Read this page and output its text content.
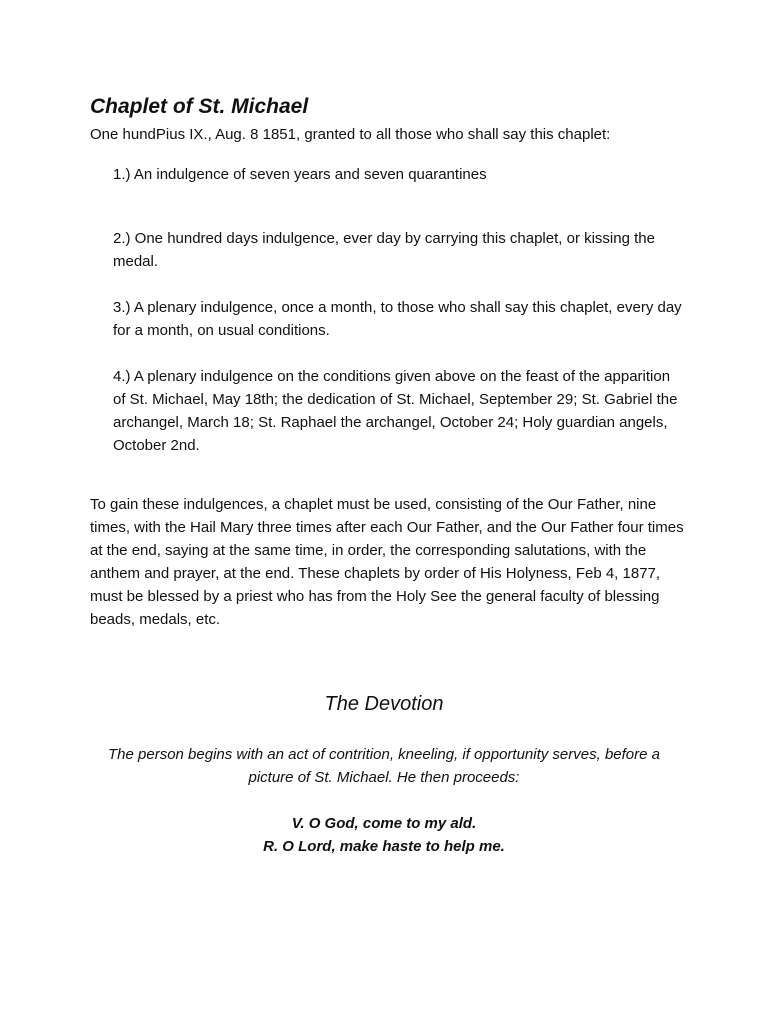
Chaplet of St. Michael

One hundPius IX., Aug. 8 1851, granted to all those who shall say this chaplet:

1.) An indulgence of seven years and seven quarantines

2.) One hundred days indulgence, ever day by carrying this chaplet, or kissing the medal.

3.) A plenary indulgence, once a month, to those who shall say this chaplet, every day for a month, on usual conditions.

4.) A plenary indulgence on the conditions given above on the feast of the apparition of St. Michael, May 18th; the dedication of St. Michael, September 29; St. Gabriel the archangel, March 18; St. Raphael the archangel, October 24; Holy guardian angels, October 2nd.

To gain these indulgences, a chaplet must be used, consisting of the Our Father, nine times, with the Hail Mary three times after each Our Father, and the Our Father four times at the end, saying at the same time, in order, the corresponding salutations, with the anthem and prayer, at the end. These chaplets by order of His Holyness, Feb 4, 1877, must be blessed by a priest who has from the Holy See the general faculty of blessing beads, medals, etc.

The Devotion

The person begins with an act of contrition, kneeling, if opportunity serves, before a picture of St. Michael. He then proceeds:

V. O God, come to my ald.

R. O Lord, make haste to help me.
